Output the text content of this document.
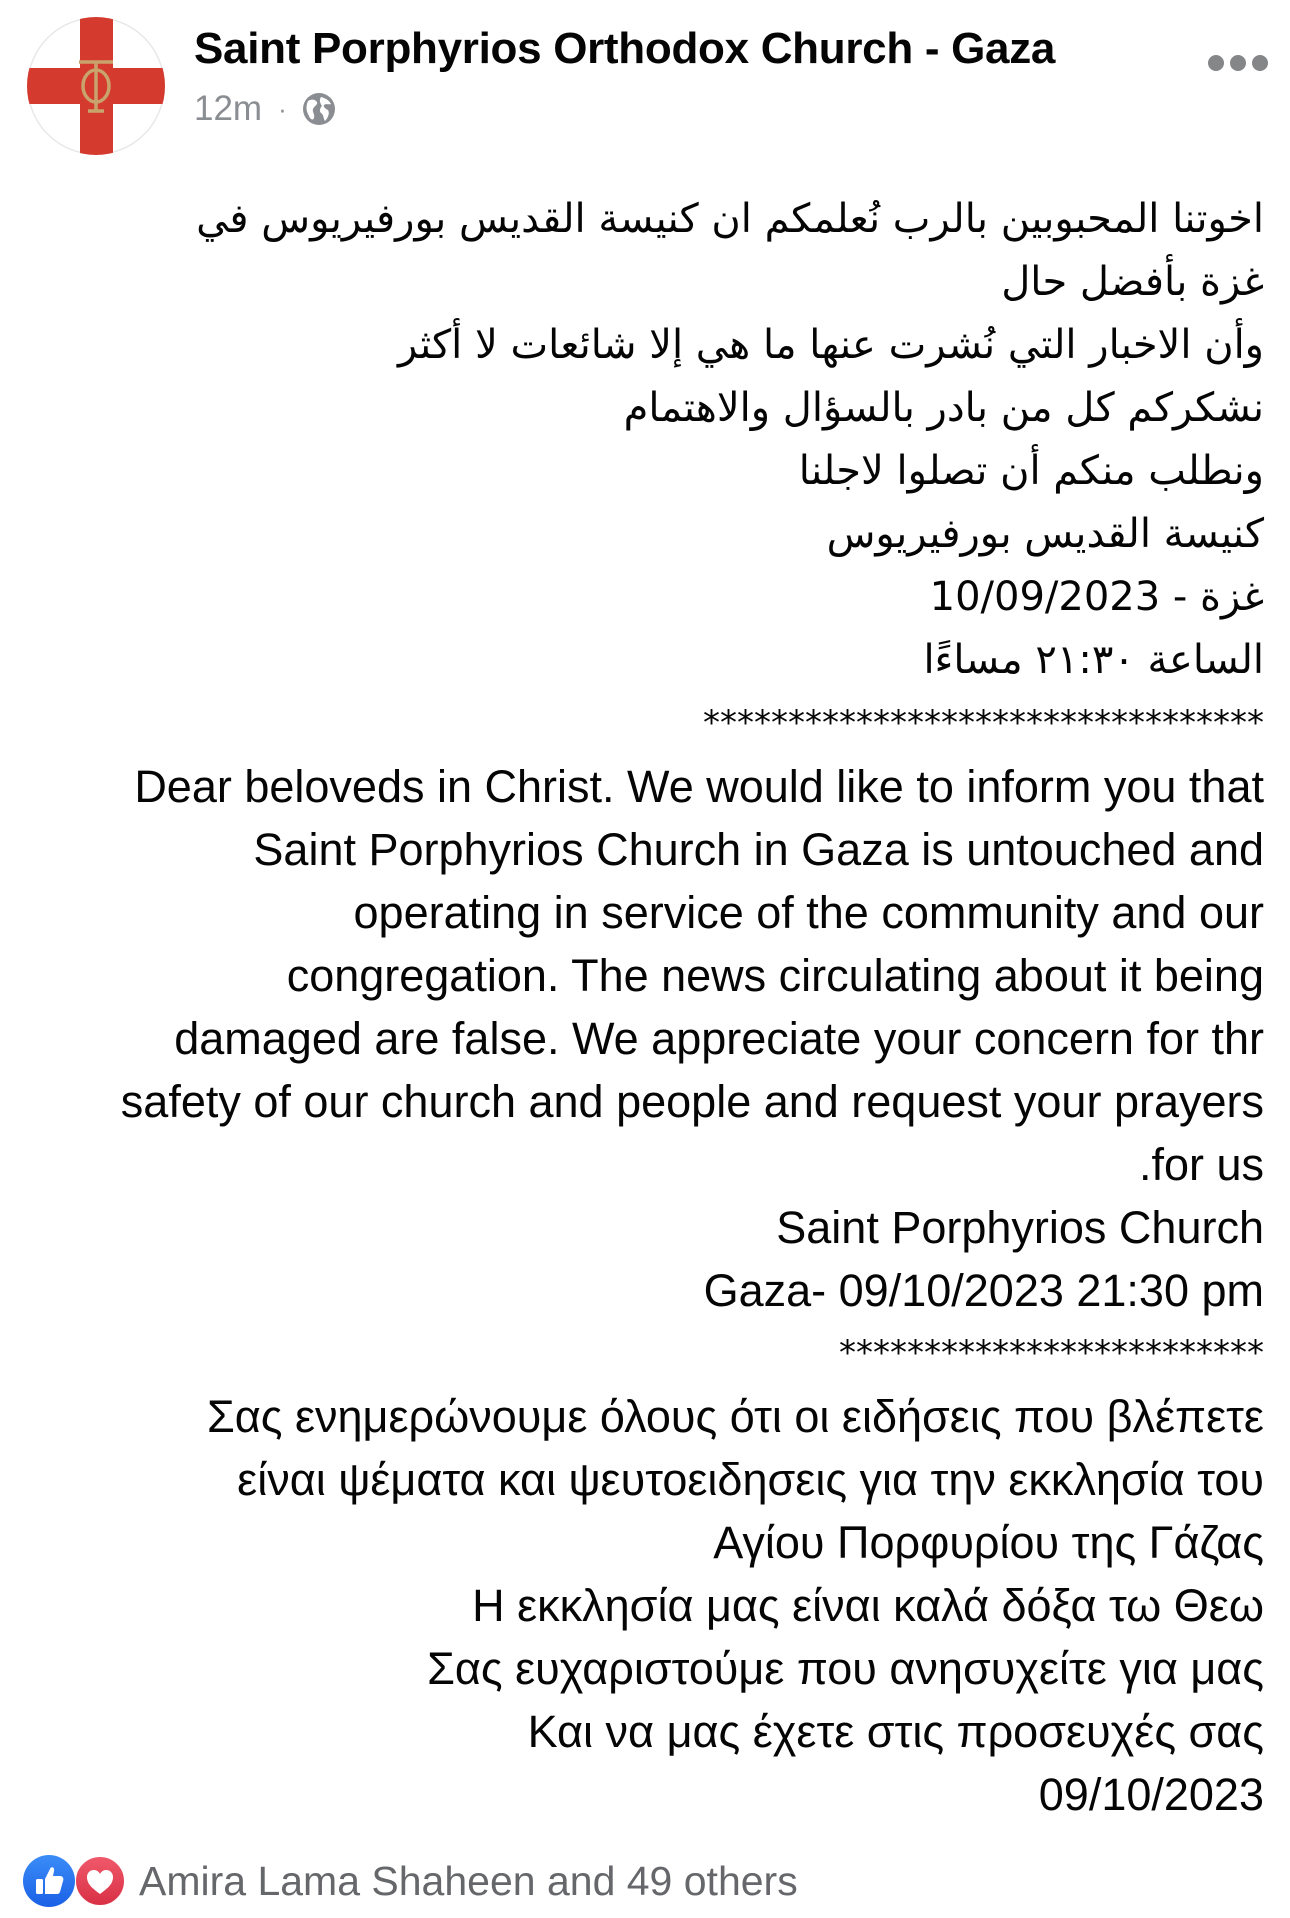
Saint Porphyrios Orthodox Church - Gaza
12m ·
اخوتنا المحبوبين بالرب نُعلمكم ان كنيسة القديس بورفيريوس في
غزة بأفضل حال
وأن الاخبار التي نُشرت عنها ما هي إلا شائعات لا أكثر
نشكركم كل من بادر بالسؤال والاهتمام
ونطلب منكم أن تصلوا لاجلنا
كنيسة القديس بورفيريوس
غزة - 10/09/2023
الساعة ٢١:٣٠ مساءًا
*********************************
Dear beloveds in Christ. We would like to inform you that
Saint Porphyrios Church in Gaza is untouched and
operating in service of the community and our
congregation. The news circulating about it being
damaged are false. We appreciate your concern for thr
safety of our church and people and request your prayers
.for us
Saint Porphyrios Church
Gaza- 09/10/2023 21:30 pm
*************************
Σας ενημερώνουμε όλους ότι οι ειδήσεις που βλέπετε
είναι ψέματα και ψευτοειδησεις για την εκκλησία του
Αγίου Πορφυρίου της Γάζας
Η εκκλησία μας είναι καλά δόξα τω Θεω
Σας ευχαριστούμε που ανησυχείτε για μας
Και να μας έχετε στις προσευχές σας
09/10/2023
Amira Lama Shaheen and 49 others
